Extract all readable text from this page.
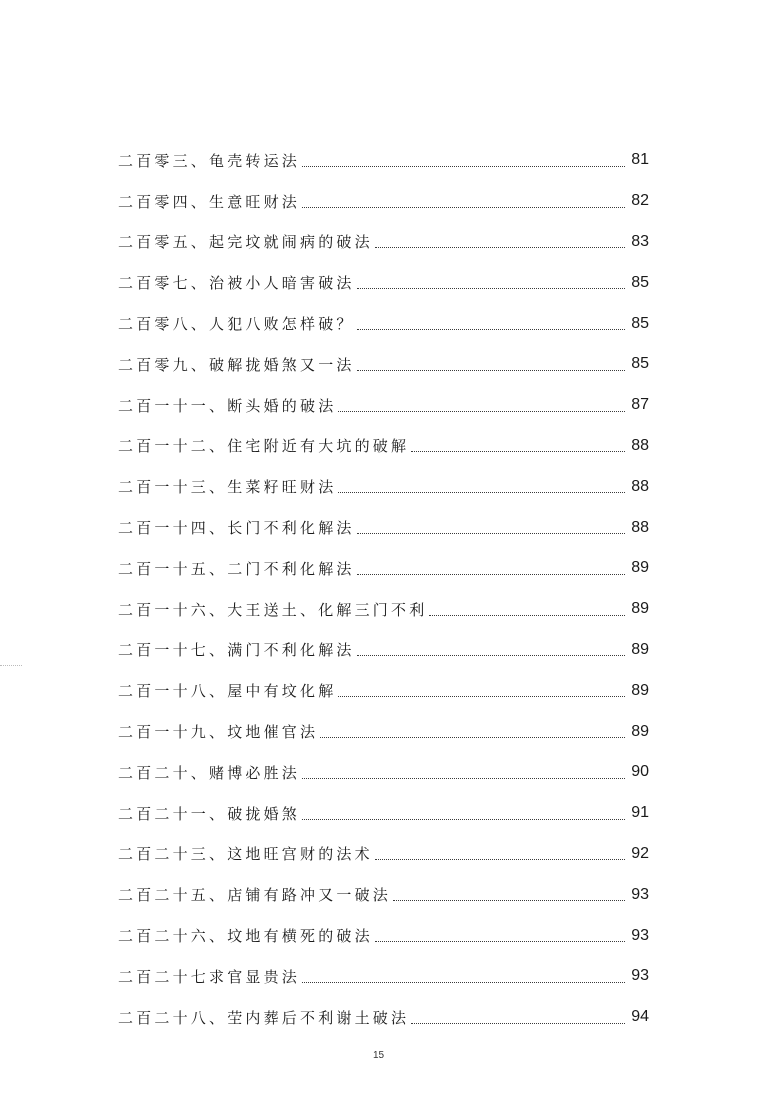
二百零三、龟壳转运法	81
二百零四、生意旺财法	82
二百零五、起完坟就闹病的破法	83
二百零七、治被小人暗害破法	85
二百零八、人犯八败怎样破？	85
二百零九、破解拢婚煞又一法	85
二百一十一、断头婚的破法	87
二百一十二、住宅附近有大坑的破解	88
二百一十三、生菜籽旺财法	88
二百一十四、长门不利化解法	88
二百一十五、二门不利化解法	89
二百一十六、大王送土、化解三门不利	89
二百一十七、满门不利化解法	89
二百一十八、屋中有坟化解	89
二百一十九、坟地催官法	89
二百二十、赌博必胜法	90
二百二十一、破拢婚煞	91
二百二十三、这地旺宫财的法术	92
二百二十五、店铺有路冲又一破法	93
二百二十六、坟地有横死的破法	93
二百二十七求官显贵法	93
二百二十八、茔内葬后不利谢土破法	94
15
